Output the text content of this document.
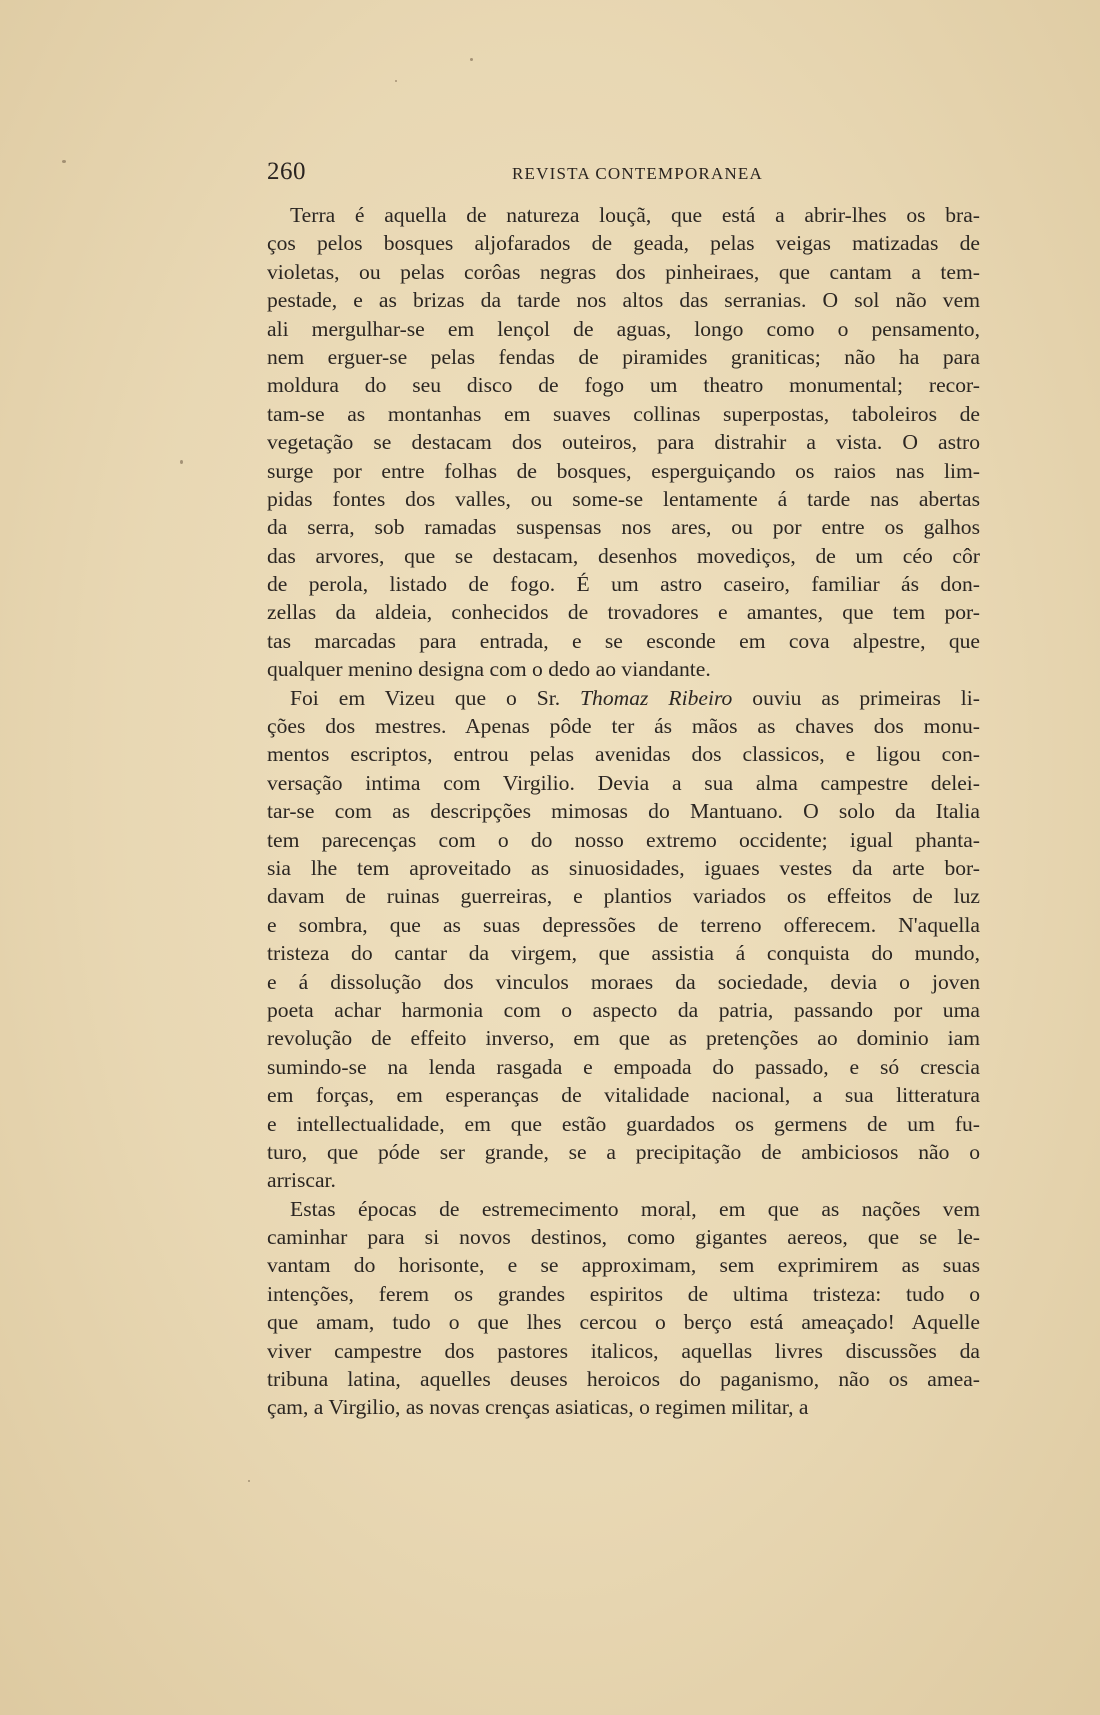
260	REVISTA CONTEMPORANEA
Terra é aquella de natureza louçã, que está a abrir-lhes os bra-
ços pelos bosques aljofarados de geada, pelas veigas matizadas de
violetas, ou pelas corôas negras dos pinheiraes, que cantam a tem-
pestade, e as brizas da tarde nos altos das serranias. O sol não vem
ali mergulhar-se em lençol de aguas, longo como o pensamento,
nem erguer-se pelas fendas de piramides graniticas; não ha para
moldura do seu disco de fogo um theatro monumental; recor-
tam-se as montanhas em suaves collinas superpostas, taboleiros de
vegetação se destacam dos outeiros, para distrahir a vista. O astro
surge por entre folhas de bosques, esperguiçando os raios nas lim-
pidas fontes dos valles, ou some-se lentamente á tarde nas abertas
da serra, sob ramadas suspensas nos ares, ou por entre os galhos
das arvores, que se destacam, desenhos movediços, de um céo côr
de perola, listado de fogo. É um astro caseiro, familiar ás don-
zellas da aldeia, conhecidos de trovadores e amantes, que tem por-
tas marcadas para entrada, e se esconde em cova alpestre, que
qualquer menino designa com o dedo ao viandante.
Foi em Vizeu que o Sr. Thomaz Ribeiro ouviu as primeiras li-
ções dos mestres. Apenas pôde ter ás mãos as chaves dos monu-
mentos escriptos, entrou pelas avenidas dos classicos, e ligou con-
versação intima com Virgilio. Devia a sua alma campestre delei-
tar-se com as descripções mimosas do Mantuano. O solo da Italia
tem parecenças com o do nosso extremo occidente; igual phanta-
sia lhe tem aproveitado as sinuosidades, iguaes vestes da arte bor-
davam de ruinas guerreiras, e plantios variados os effeitos de luz
e sombra, que as suas depressões de terreno offerecem. N'aquella
tristeza do cantar da virgem, que assistia á conquista do mundo,
e á dissolução dos vinculos moraes da sociedade, devia o joven
poeta achar harmonia com o aspecto da patria, passando por uma
revolução de effeito inverso, em que as pretenções ao dominio iam
sumindo-se na lenda rasgada e empoada do passado, e só crescia
em forças, em esperanças de vitalidade nacional, a sua litteratura
e intellectualidade, em que estão guardados os germens de um fu-
turo, que póde ser grande, se a precipitação de ambiciosos não o
arriscar.
Estas épocas de estremecimento moral, em que as nações vem
caminhar para si novos destinos, como gigantes aereos, que se le-
vantam do horisonte, e se approximam, sem exprimirem as suas
intenções, ferem os grandes espiritos de ultima tristeza: tudo o
que amam, tudo o que lhes cercou o berço está ameaçado! Aquelle
viver campestre dos pastores italicos, aquellas livres discussões da
tribuna latina, aquelles deuses heroicos do paganismo, não os amea-
çam, a Virgilio, as novas crenças asiaticas, o regimen militar, a
